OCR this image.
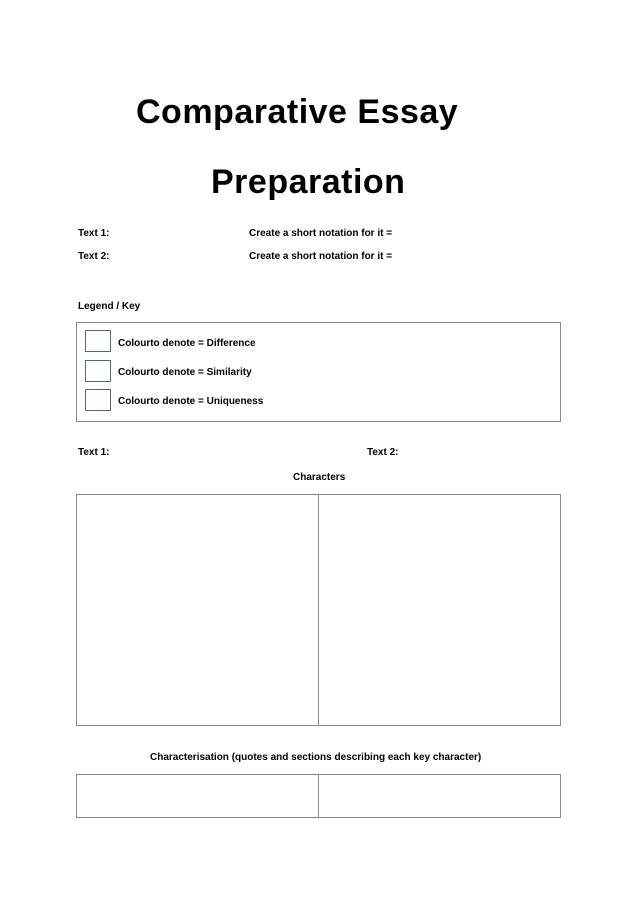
Comparative Essay
Preparation
Text 1:	Create a short notation for it =
Text 2:	Create a short notation for it =
Legend / Key
Colourto denote = Difference
Colourto denote = Similarity
Colourto denote = Uniqueness
Text 1:	Text 2:
Characters
Characterisation (quotes and sections describing each key character)
